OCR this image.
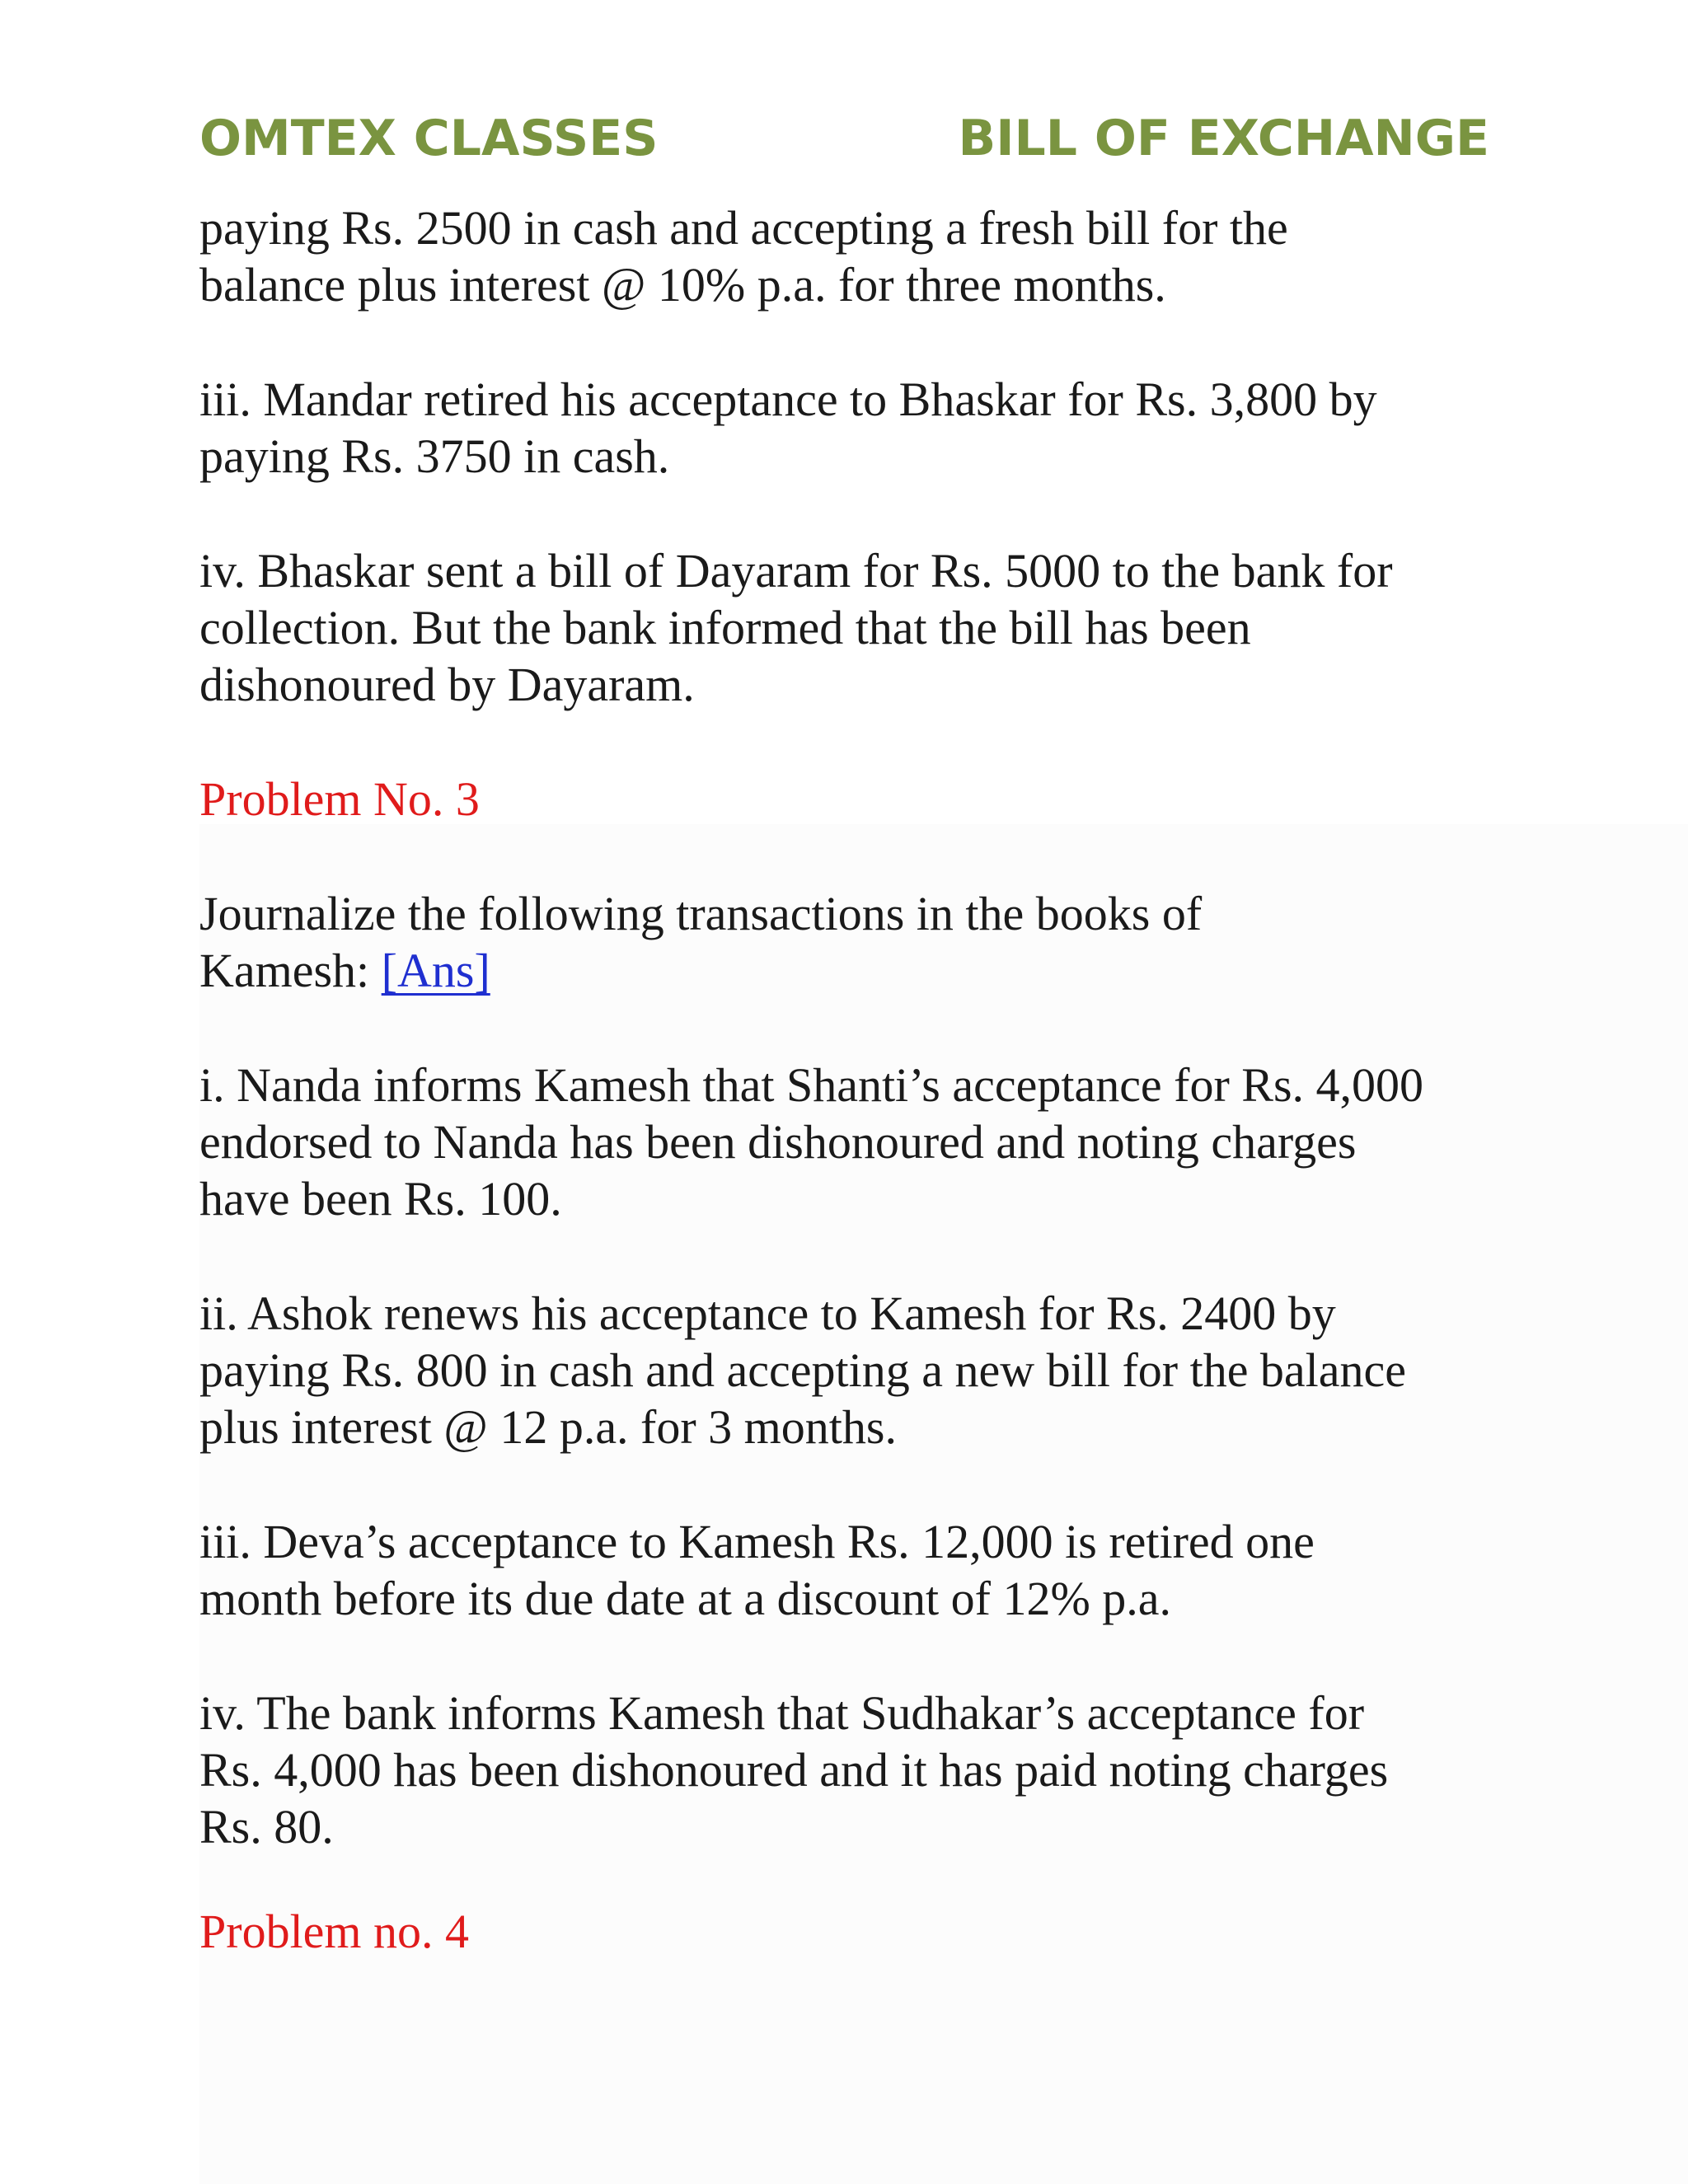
OMTEX CLASSES	BILL OF EXCHANGE

paying Rs. 2500 in cash and accepting a fresh bill for the
balance plus interest @ 10% p.a. for three months.

iii. Mandar retired his acceptance to Bhaskar for Rs. 3,800 by
paying Rs. 3750 in cash.

iv. Bhaskar sent a bill of Dayaram for Rs. 5000 to the bank for
collection. But the bank informed that the bill has been
dishonoured by Dayaram.

Problem No. 3

Journalize the following transactions in the books of
Kamesh: [Ans]

i. Nanda informs Kamesh that Shanti’s acceptance for Rs. 4,000
endorsed to Nanda has been dishonoured and noting charges
have been Rs. 100.

ii. Ashok renews his acceptance to Kamesh for Rs. 2400 by
paying Rs. 800 in cash and accepting a new bill for the balance
plus interest @ 12 p.a. for 3 months.

iii. Deva’s acceptance to Kamesh Rs. 12,000 is retired one
month before its due date at a discount of 12% p.a.

iv. The bank informs Kamesh that Sudhakar’s acceptance for
Rs. 4,000 has been dishonoured and it has paid noting charges
Rs. 80.

Problem no. 4
